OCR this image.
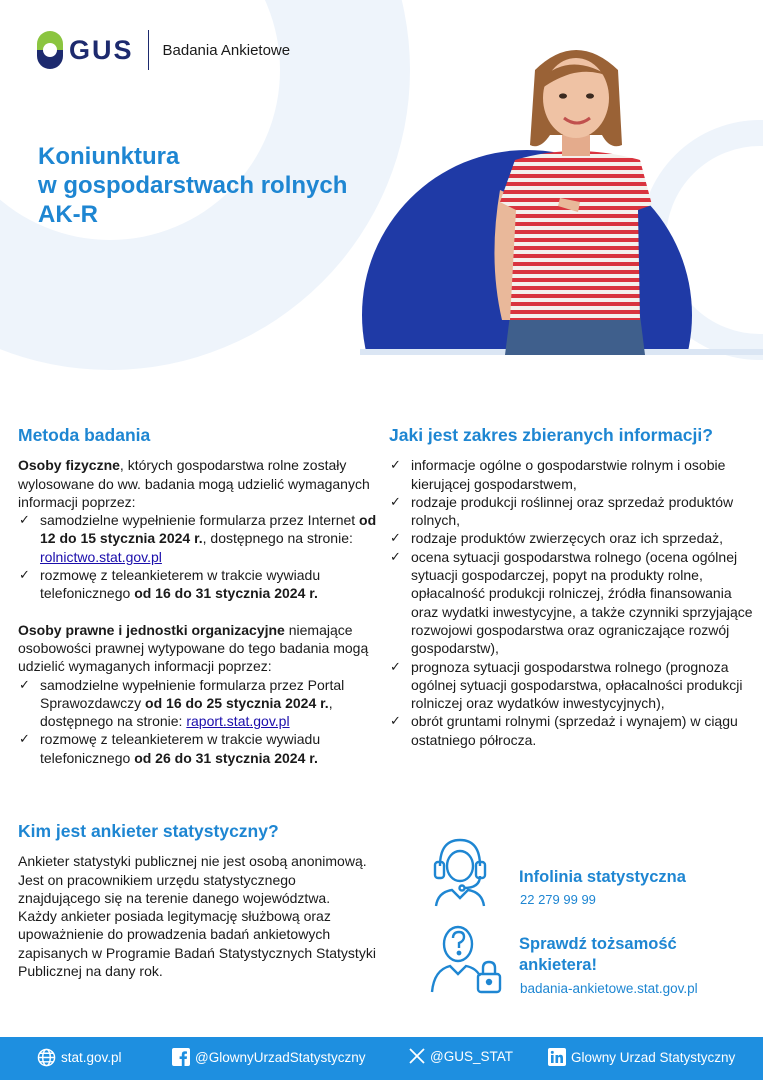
GUS Badania Ankietowe
Koniunktura
w gospodarstwach rolnych
AK-R
Metoda badania

Osoby fizyczne, których gospodarstwa rolne zostały wylosowane do ww. badania mogą udzielić wymaganych informacji poprzez:

✓ samodzielne wypełnienie formularza przez Internet od 12 do 15 stycznia 2024 r., dostępnego na stronie: rolnictwo.stat.gov.pl
✓ rozmowę z teleankieterem w trakcie wywiadu telefonicznego od 16 do 31 stycznia 2024 r.

Osoby prawne i jednostki organizacyjne niemające osobowości prawnej wytypowane do tego badania mogą udzielić wymaganych informacji poprzez:

✓ samodzielne wypełnienie formularza przez Portal Sprawozdawczy od 16 do 25 stycznia 2024 r., dostępnego na stronie: raport.stat.gov.pl
✓ rozmowę z teleankieterem w trakcie wywiadu telefonicznego od 26 do 31 stycznia 2024 r.
Jaki jest zakres zbieranych informacji?
✓ informacje ogólne o gospodarstwie rolnym i osobie kierującej gospodarstwem,
✓ rodzaje produkcji roślinnej oraz sprzedaż produktów rolnych,
✓ rodzaje produktów zwierzęcych oraz ich sprzedaż,
✓ ocena sytuacji gospodarstwa rolnego (ocena ogólnej sytuacji gospodarczej, popyt na produkty rolne, opłacalność produkcji rolniczej, źródła finansowania oraz wydatki inwestycyjne, a także czynniki sprzyjające rozwojowi gospodarstwa oraz ograniczające rozwój gospodarstw),
✓ prognoza sytuacji gospodarstwa rolnego (prognoza ogólnej sytuacji gospodarstwa, opłacalności produkcji rolniczej oraz wydatków inwestycyjnych),
✓ obrót gruntami rolnymi (sprzedaż i wynajem) w ciągu ostatniego półrocza.
Kim jest ankieter statystyczny?

Ankieter statystyki publicznej nie jest osobą anonimową. Jest on pracownikiem urzędu statystycznego znajdującego się na terenie danego województwa.

Każdy ankieter posiada legitymację służbową oraz upoważnienie do prowadzenia badań ankietowych zapisanych w Programie Badań Statystycznych Statystyki Publicznej na dany rok.

Infolinia statystyczna
22 279 99 99
Sprawdź tożsamość
ankietera!
badania-ankietowe.stat.gov.pl
stat.gov.pl	@GlownyUrzadStatystyczny	@GUS_STAT	Glowny Urzad Statystyczny
